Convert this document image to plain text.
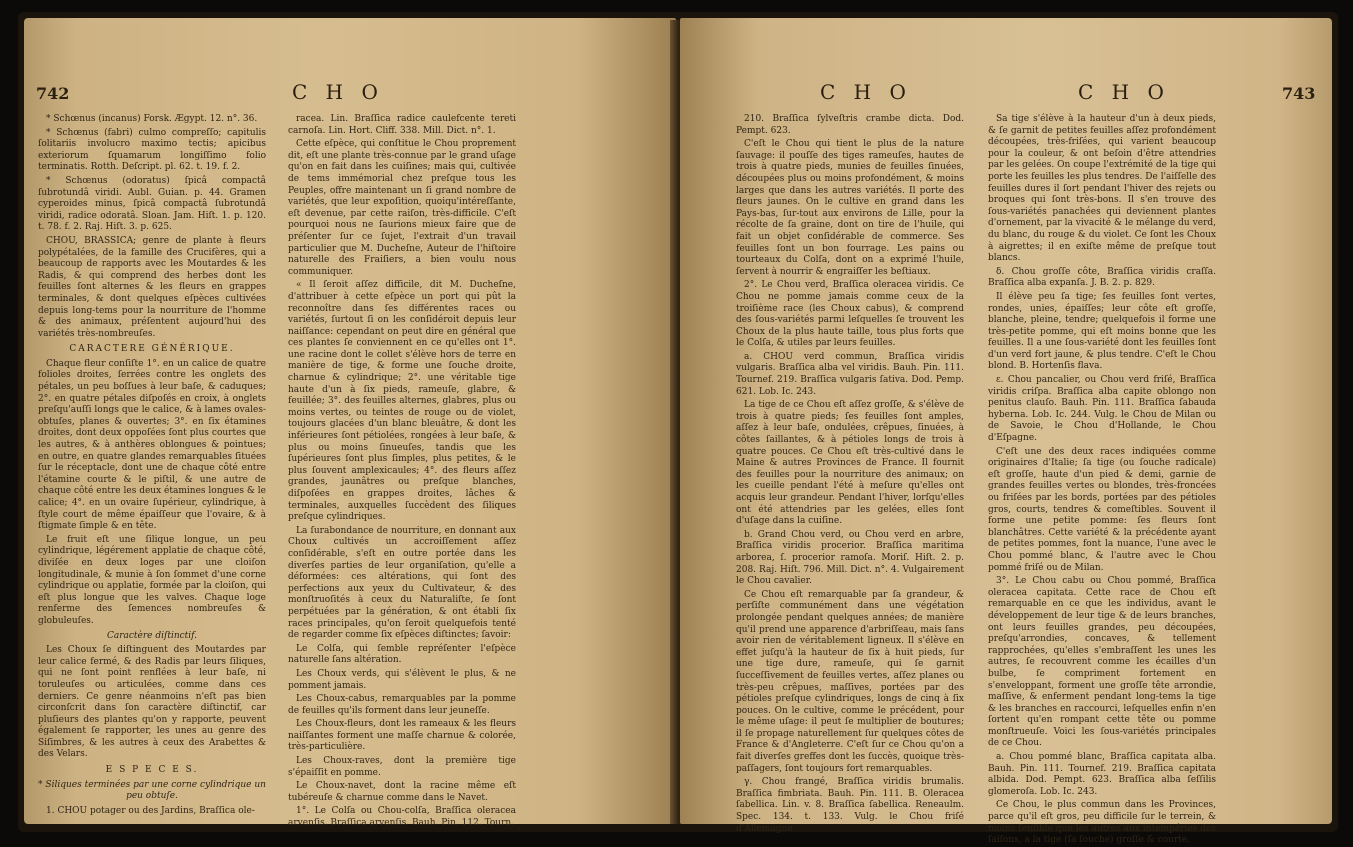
742	C H O

* Schœnus (incanus) Forsk. Ægypt. 12. n°. 36.

* Schœnus (fabri) culmo compreſſo; capitulis ſolitariis involucro maximo tectis; apicibus exteriorum ſquamarum longiſſimo folio terminatis. Rotth. Deſcript. pl. 62. t. 19. f. 2.

* Schœnus (odoratus) ſpicâ compactâ ſubrotundâ viridi. Aubl. Guian. p. 44. Gramen cyperoides minus, ſpicâ compactâ ſubrotundâ viridi, radice odoratâ. Sloan. Jam. Hiſt. 1. p. 120. t. 78. f. 2. Raj. Hiſt. 3. p. 625.

CHOU, BRASSICA; genre de plante à fleurs polypétalées, de la famille des Crucifères, qui a beaucoup de rapports avec les Moutardes & les Radis, & qui comprend des herbes dont les feuilles ſont alternes & les fleurs en grappes terminales, & dont quelques eſpèces cultivées depuis long-tems pour la nourriture de l'homme & des animaux, préſentent aujourd'hui des variétés très-nombreuſes.

CARACTERE GÉNÉRIQUE.

Chaque fleur conſiſte 1°. en un calice de quatre folioles droites, ſerrées contre les onglets des pétales, un peu boſſues à leur baſe, & caduques; 2°. en quatre pétales diſpoſés en croix, à onglets preſqu'auſſi longs que le calice, & à lames ovales-obtuſes, planes & ouvertes; 3°. en ſix étamines droites, dont deux oppoſées ſont plus courtes que les autres, & à anthères oblongues & pointues; en outre, en quatre glandes remarquables ſituées ſur le réceptacle, dont une de chaque côté entre l'étamine courte & le piſtil, & une autre de chaque côté entre les deux étamines longues & le calice; 4°. en un ovaire ſupérieur, cylindrique, à ſtyle court de même épaiſſeur que l'ovaire, & à ſtigmate ſimple & en tête.

Le fruit eſt une ſilique longue, un peu cylindrique, légérement applatie de chaque côté, diviſée en deux loges par une cloiſon longitudinale, & munie à ſon ſommet d'une corne cylindrique ou applatie, formée par la cloiſon, qui eſt plus longue que les valves. Chaque loge renferme des ſemences nombreuſes & globuleuſes.

Caractère diſtinctif.

Les Choux ſe diſtinguent des Moutardes par leur calice fermé, & des Radis par leurs ſiliques, qui ne ſont point renflées à leur baſe, ni toruleuſes ou articulées, comme dans ces derniers. Ce genre néanmoins n'eſt pas bien circonſcrit dans ſon caractère diſtinctif, car pluſieurs des plantes qu'on y rapporte, peuvent également ſe rapporter, les unes au genre des Siſimbres, & les autres à ceux des Arabettes & des Velars.

E S P E C E S.

* Siliques terminées par une corne cylindrique un peu obtuſe.

1. CHOU potager ou des Jardins, Braſſica ole-

racea. Lin. Braſſica radice caulefcente tereti carnoſa. Lin. Hort. Cliff. 338. Mill. Dict. n°. 1.

Cette eſpèce, qui conſtitue le Chou proprement dit, eſt une plante très-connue par le grand uſage qu'on en fait dans les cuiſines; mais qui, cultivée de tems immémorial chez preſque tous les Peuples, offre maintenant un ſi grand nombre de variétés, que leur expoſition, quoiqu'intéreſſante, eſt devenue, par cette raiſon, très-difficile. C'eſt pourquoi nous ne ſaurions mieux faire que de préſenter ſur ce ſujet, l'extrait d'un travail particulier que M. Ducheſne, Auteur de l'hiſtoire naturelle des Fraiſiers, a bien voulu nous communiquer.

« Il ſeroit aſſez difficile, dit M. Ducheſne, d'attribuer à cette eſpèce un port qui pût la reconnoître dans ſes différentes races ou variétés, ſurtout ſi on les conſidéroit depuis leur naiſſance: cependant on peut dire en général que ces plantes ſe conviennent en ce qu'elles ont 1°. une racine dont le collet s'élève hors de terre en manière de tige, & forme une ſouche droite, charnue & cylindrique; 2°. une véritable tige haute d'un à ſix pieds, rameuſe, glabre, & feuillée; 3°. des feuilles alternes, glabres, plus ou moins vertes, ou teintes de rouge ou de violet, toujours glacées d'un blanc bleuâtre, & dont les inférieures ſont pétiolées, rongées à leur baſe, & plus ou moins ſinueuſes, tandis que les ſupérieures ſont plus ſimples, plus petites, & le plus ſouvent amplexicaules; 4°. des fleurs aſſez grandes, jaunâtres ou preſque blanches, diſpoſées en grappes droites, lâches & terminales, auxquelles ſuccèdent des ſiliques preſque cylindriques.

La ſurabondance de nourriture, en donnant aux Choux cultivés un accroiſſement aſſez conſidérable, s'eſt en outre portée dans les diverſes parties de leur organiſation, qu'elle a déformées: ces altérations, qui ſont des perfections aux yeux du Cultivateur, & des monſtruoſités à ceux du Naturaliſte, ſe ſont perpétuées par la génération, & ont établi ſix races principales, qu'on ſeroit quelquefois tenté de regarder comme ſix eſpèces diſtinctes; ſavoir:

Le Colſa, qui ſemble repréſenter l'eſpèce naturelle ſans altération.

Les Choux verds, qui s'élèvent le plus, & ne pomment jamais.

Les Choux-cabus, remarquables par la pomme de feuilles qu'ils forment dans leur jeuneſſe.

Les Choux-fleurs, dont les rameaux & les fleurs naiſſantes forment une maſſe charnue & colorée, très-particulière.

Les Choux-raves, dont la première tige s'épaiſſit en pomme.

Le Choux-navet, dont la racine même eſt tubéreuſe & charnue comme dans le Navet.

1°. Le Colſa ou Chou-colſa, Braſſica oleracea arvenſis. Braſſica arvenſis. Bauh. Pin. 112. Tourn.

C H O	C H O	743

210. Braſſica ſylveſtris crambe dicta. Dod. Pempt. 623.

C'eſt le Chou qui tient le plus de la nature ſauvage: il pouſſe des tiges rameuſes, hautes de trois à quatre pieds, munies de feuilles ſinuées, découpées plus ou moins profondément, & moins larges que dans les autres variétés. Il porte des fleurs jaunes. On le cultive en grand dans les Pays-bas, ſur-tout aux environs de Lille, pour la récolte de ſa graine, dont on tire de l'huile, qui fait un objet conſidérable de commerce. Ses feuilles ſont un bon fourrage. Les pains ou tourteaux du Colſa, dont on a exprimé l'huile, ſervent à nourrir & engraiſſer les beſtiaux.

2°. Le Chou verd, Braſſica oleracea viridis. Ce Chou ne pomme jamais comme ceux de la troiſième race (les Choux cabus), & comprend des ſous-variétés parmi leſquelles ſe trouvent les Choux de la plus haute taille, tous plus forts que le Colſa, & utiles par leurs feuilles.

a. CHOU verd commun, Braſſica viridis vulgaris. Braſſica alba vel viridis. Bauh. Pin. 111. Tournef. 219. Braſſica vulgaris ſativa. Dod. Pemp. 621. Lob. Ic. 243.

La tige de ce Chou eſt aſſez groſſe, & s'élève de trois à quatre pieds; ſes feuilles ſont amples, aſſez à leur baſe, ondulées, crêpues, ſinuées, à côtes ſaillantes, & à pétioles longs de trois à quatre pouces. Ce Chou eſt très-cultivé dans le Maine & autres Provinces de France. Il fournit des feuilles pour la nourriture des animaux; on les cueille pendant l'été à meſure qu'elles ont acquis leur grandeur. Pendant l'hiver, lorſqu'elles ont été attendries par les gelées, elles ſont d'uſage dans la cuiſine.

b. Grand Chou verd, ou Chou verd en arbre, Braſſica viridis procerior. Braſſica maritima arborea, ſ. procerior ramoſa. Moriſ. Hiſt. 2. p. 208. Raj. Hiſt. 796. Mill. Dict. n°. 4. Vulgairement le Chou cavalier.

Ce Chou eſt remarquable par ſa grandeur, & perſiſte communément dans une végétation prolongée pendant quelques années; de manière qu'il prend une apparence d'arbriſſeau, mais ſans avoir rien de véritablement ligneux. Il s'élève en effet juſqu'à la hauteur de ſix à huit pieds, ſur une tige dure, rameuſe, qui ſe garnit ſucceſſivement de feuilles vertes, aſſez planes ou très-peu crêpues, maſſives, portées par des pétioles preſque cylindriques, longs de cinq à ſix pouces. On le cultive, comme le précédent, pour le même uſage: il peut ſe multiplier de boutures; il ſe propage naturellement ſur quelques côtes de France & d'Angleterre. C'eſt ſur ce Chou qu'on a fait diverſes greffes dont les ſuccès, quoique très-paſſagers, ſont toujours fort remarquables.

γ. Chou frangé, Braſſica viridis brumalis. Braſſica fimbriata. Bauh. Pin. 111. B. Oleracea ſabellica. Lin. v. 8. Braſſica ſabellica. Reneaulm. Spec. 134. t. 133. Vulg. le Chou friſé d'Allemagne.

Sa tige s'élève à la hauteur d'un à deux pieds, & ſe garnit de petites feuilles aſſez profondément découpées, très-friſées, qui varient beaucoup pour la couleur, & ont beſoin d'être attendries par les gelées. On coupe l'extrémité de la tige qui porte les feuilles les plus tendres. De l'aiſſelle des feuilles dures il ſort pendant l'hiver des rejets ou broques qui ſont très-bons. Il s'en trouve des ſous-variétés panachées qui deviennent plantes d'ornement, par la vivacité & le mélange du verd, du blanc, du rouge & du violet. Ce ſont les Choux à aigrettes; il en exiſte même de preſque tout blancs.

δ. Chou groſſe côte, Braſſica viridis craſſa. Braſſica alba expanſa. J. B. 2. p. 829.

Il élève peu ſa tige; ſes feuilles ſont vertes, rondes, unies, épaiſſes; leur côte eſt groſſe, blanche, pleine, tendre; quelquefois il forme une très-petite pomme, qui eſt moins bonne que les feuilles. Il a une ſous-variété dont les feuilles ſont d'un verd fort jaune, & plus tendre. C'eſt le Chou blond. B. Hortenſis flava.

ε. Chou pancalier, ou Chou verd friſé, Braſſica viridis criſpa. Braſſica alba capite oblongo non penitus clauſo. Bauh. Pin. 111. Braſſica ſabauda hyberna. Lob. Ic. 244. Vulg. le Chou de Milan ou de Savoie, le Chou d'Hollande, le Chou d'Eſpagne.

C'eſt une des deux races indiquées comme originaires d'Italie; ſa tige (ou ſouche radicale) eſt groſſe, haute d'un pied & demi, garnie de grandes feuilles vertes ou blondes, très-froncées ou friſées par les bords, portées par des pétioles gros, courts, tendres & comeſtibles. Souvent il forme une petite pomme: ſes fleurs ſont blanchâtres. Cette variété & la précédente ayant de petites pommes, font la nuance, l'une avec le Chou pommé blanc, & l'autre avec le Chou pommé friſé ou de Milan.

3°. Le Chou cabu ou Chou pommé, Braſſica oleracea capitata. Cette race de Chou eſt remarquable en ce que les individus, avant le développement de leur tige & de leurs branches, ont leurs feuilles grandes, peu découpées, preſqu'arrondies, concaves, & tellement rapprochées, qu'elles s'embraſſent les unes les autres, ſe recouvrent comme les écailles d'un bulbe, ſe compriment fortement en s'enveloppant, forment une groſſe tête arrondie, maſſive, & enferment pendant long-tems la tige & les branches en raccourci, leſquelles enfin n'en ſortent qu'en rompant cette tête ou pomme monſtrueuſe. Voici les ſous-variétés principales de ce Chou.

a. Chou pommé blanc, Braſſica capitata alba. Bauh. Pin. 111. Tournef. 219. Braſſica capitata albida. Dod. Pempt. 623. Braſſica alba ſeſſilis glomeroſa. Lob. Ic. 243.

Ce Chou, le plus commun dans les Provinces, parce qu'il eſt gros, peu difficile ſur le terrein, & moins ſenſible que les autres aux intempéries des ſaiſons, a la tige (ſa ſouche) groſſe & courte,
